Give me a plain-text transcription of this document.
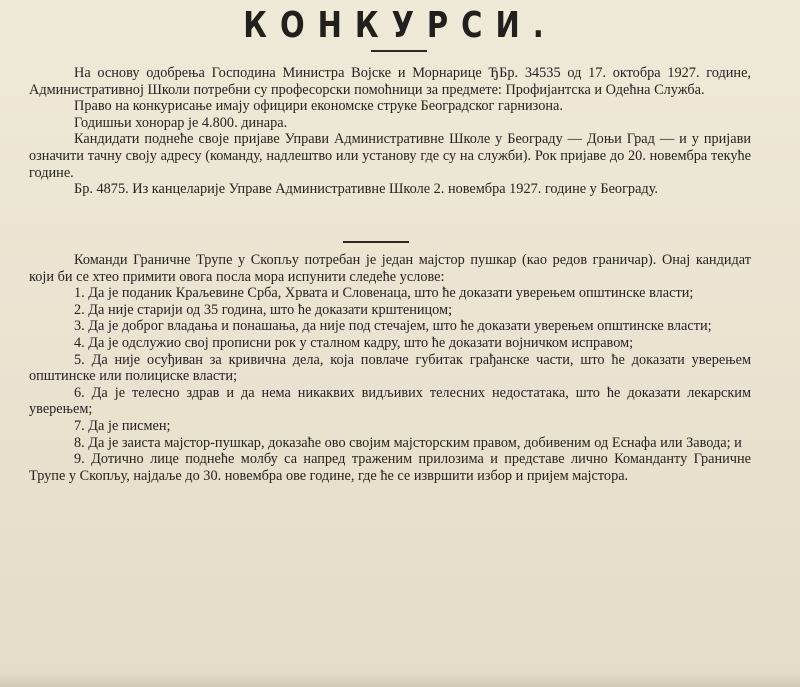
КОНКУРСИ.

На основу одобрења Господина Министра Војске и Морнарице ЂБр. 34535 од 17. oктобра 1927. године, Административној Школи потребни су професорски помоћници за предмете: Профијантска и Одећна Служба.

Право на конкурисање имају официри економске струке Београдског гарнизона.

Годишњи хонорар је 4.800. динара.

Кандидати поднеће своје пријаве Управи Административне Школе у Београду — Доњи Град — и у пријави означити тачну своју адресу (команду, надлештво или установу где су на служби). Рок пријаве до 20. новембра текуће године.

Бр. 4875. Из канцеларије Управе Административне Школе 2. новембра 1927. године у Београду.

Команди Граничне Трупе у Скопљу потребан је један мајстор пушкар (као редов граничар). Онај кандидат који би се хтео примити овога посла мора испунити следеће услове:

1. Да је поданик Краљевине Срба, Хрвата и Словенаца, што ће доказати уверењем општинске власти;

2. Да није старији од 35 година, што ће доказати крштеницом;

3. Да је доброг владања и понашања, да није под стечајем, што ће доказати уверењем општинске власти;

4. Да је одслужио свој прописни рок у сталном кадру, што ће доказати војничком исправом;

5. Да није осуђиван за кривична дела, која повлаче губитак грађанске части, што ће доказати уверењем општинске или полициске власти;

6. Да је телесно здрав и да нема никаквих видљивих телесних недостатака, што ће доказати лекарским уверењем;

7. Да је писмен;

8. Да је заиста мајстор-пушкар, доказаће ово својим мајсторским правом, добивеним од Еснафа или Завода; и

9. Дотично лице поднеће молбу са напред траженим прилозима и представе лично Команданту Граничне Трупе у Скопљу, најдаље до 30. новембра ове године, где ће се извршити избор и пријем мајстора.
